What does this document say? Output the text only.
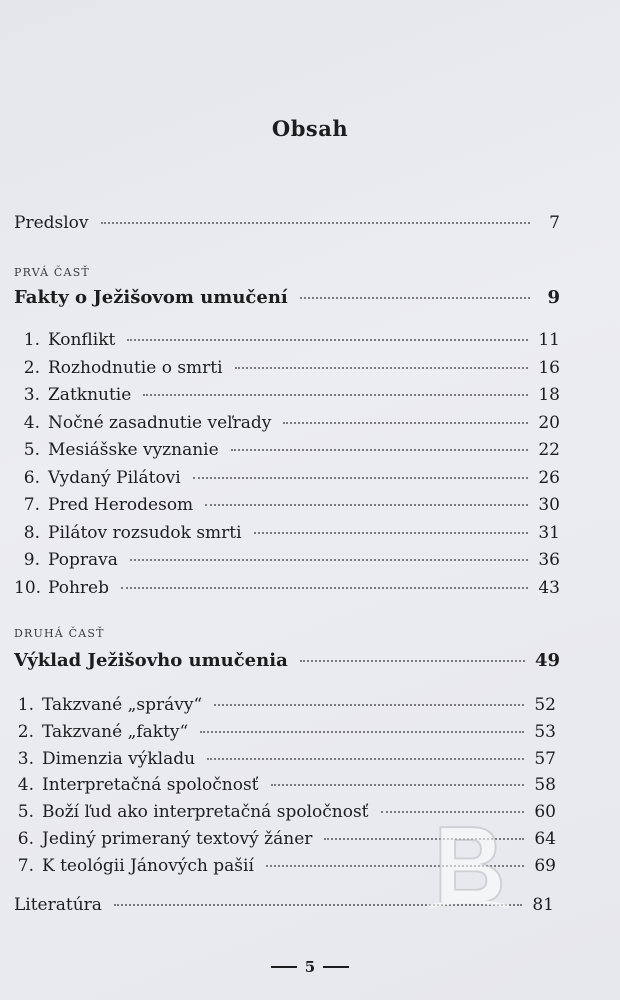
Obsah
Predslov	7
PRVÁ ČASŤ
Fakty o Ježišovom umučení	9
1. Konflikt	11
2. Rozhodnutie o smrti	16
3. Zatknutie	18
4. Nočné zasadnutie veľrady	20
5. Mesiášske vyznanie	22
6. Vydaný Pilátovi	26
7. Pred Herodesom	30
8. Pilátov rozsudok smrti	31
9. Poprava	36
10. Pohreb	43
DRUHÁ ČASŤ
Výklad Ježišovho umučenia	49
1. Takzvané „správy“	52
2. Takzvané „fakty“	53
3. Dimenzia výkladu	57
4. Interpretačná spoločnosť	58
5. Boží ľud ako interpretačná spoločnosť	60
6. Jediný primeraný textový žáner	64
7. K teológii Jánových pašií	69
Literatúra	81
5
